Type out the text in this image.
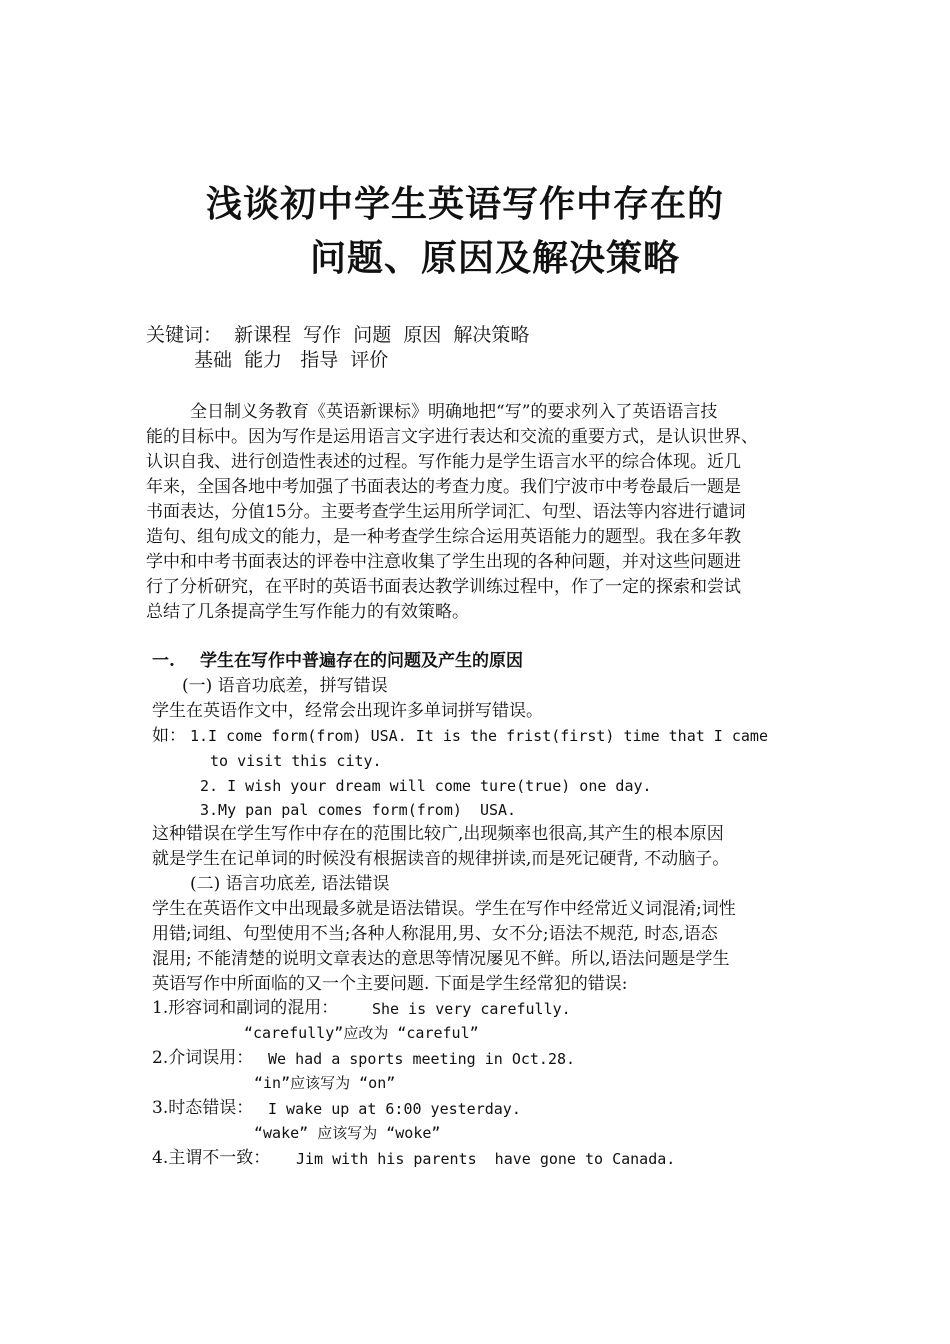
浅谈初中学生英语写作中存在的
问题、原因及解决策略
关键词：  新课程  写作  问题  原因  解决策略
基础  能力   指导  评价
全日制义务教育《英语新课标》明确地把“写”的要求列入了英语语言技
能的目标中。因为写作是运用语言文字进行表达和交流的重要方式，是认识世界、
认识自我、进行创造性表述的过程。写作能力是学生语言水平的综合体现。近几
年来，全国各地中考加强了书面表达的考查力度。我们宁波市中考卷最后一题是
书面表达，分值15分。主要考查学生运用所学词汇、句型、语法等内容进行谴词
造句、组句成文的能力，是一种考查学生综合运用英语能力的题型。我在多年教
学中和中考书面表达的评卷中注意收集了学生出现的各种问题，并对这些问题进
行了分析研究，在平时的英语书面表达教学训练过程中，作了一定的探索和尝试
总结了几条提高学生写作能力的有效策略。
一. 学生在写作中普遍存在的问题及产生的原因
(一) 语音功底差，拼写错误
学生在英语作文中，经常会出现许多单词拼写错误。
如： 1.I come form(from) USA. It is the frist(first) time that I came
to visit this city.
2. I wish your dream will come ture(true) one day.
3.My pan pal comes form(from)  USA.
这种错误在学生写作中存在的范围比较广,出现频率也很高,其产生的根本原因
就是学生在记单词的时候没有根据读音的规律拼读,而是死记硬背, 不动脑子。
(二) 语言功底差, 语法错误
学生在英语作文中出现最多就是语法错误。学生在写作中经常近义词混淆;词性
用错;词组、句型使用不当;各种人称混用,男、女不分;语法不规范, 时态,语态
混用; 不能清楚的说明文章表达的意思等情况屡见不鲜。所以,语法问题是学生
英语写作中所面临的又一个主要问题. 下面是学生经常犯的错误:
1.形容词和副词的混用： She is very carefully.
“carefully”应改为 “careful”
2.介词误用： We had a sports meeting in Oct.28.
“in”应该写为 “on”
3.时态错误： I wake up at 6:00 yesterday.
“wake” 应该写为 “woke”
4.主谓不一致： Jim with his parents  have gone to Canada.
